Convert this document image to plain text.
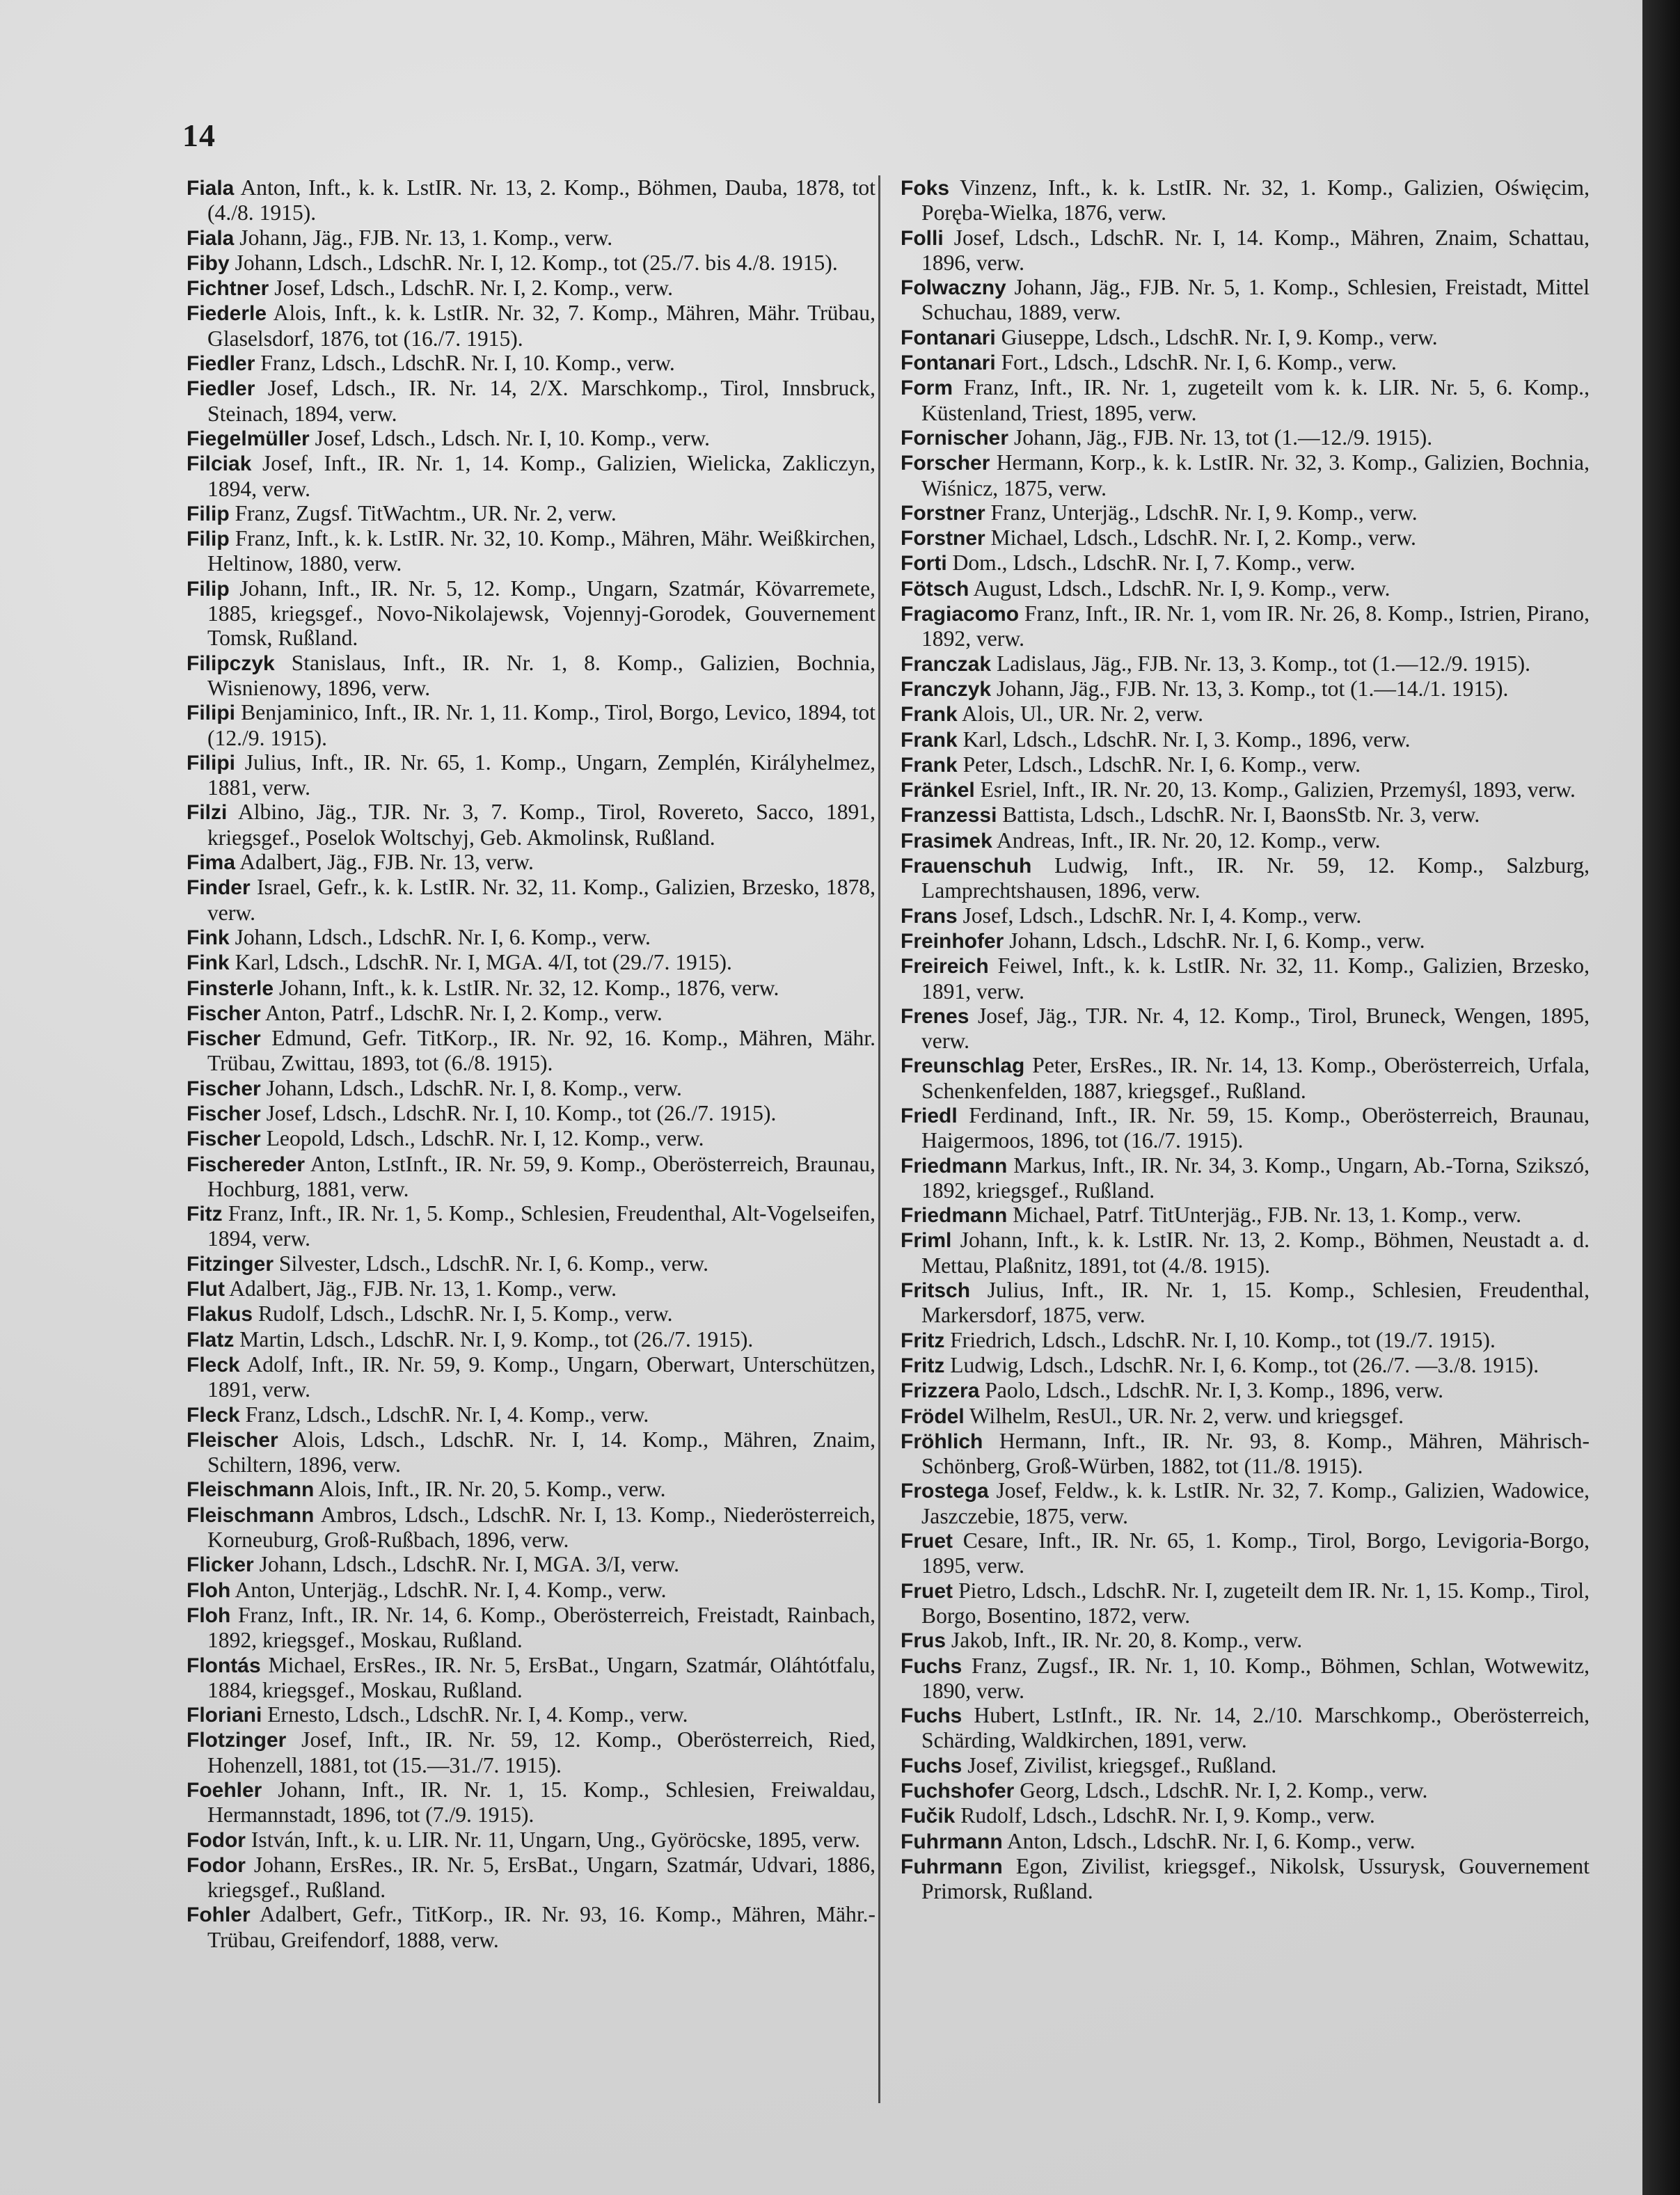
14

Fiala Anton, Inft., k. k. LstIR. Nr. 13, 2. Komp., Böhmen, Dauba, 1878, tot (4./8. 1915).

Fiala Johann, Jäg., FJB. Nr. 13, 1. Komp., verw.

Fiby Johann, Ldsch., LdschR. Nr. I, 12. Komp., tot (25./7. bis 4./8. 1915).

Fichtner Josef, Ldsch., LdschR. Nr. I, 2. Komp., verw.

Fiederle Alois, Inft., k. k. LstIR. Nr. 32, 7. Komp., Mähren, Mähr. Trübau, Glaselsdorf, 1876, tot (16./7. 1915).

Fiedler Franz, Ldsch., LdschR. Nr. I, 10. Komp., verw.

Fiedler Josef, Ldsch., IR. Nr. 14, 2/X. Marschkomp., Tirol, Innsbruck, Steinach, 1894, verw.

Fiegelmüller Josef, Ldsch., Ldsch. Nr. I, 10. Komp., verw.

Filciak Josef, Inft., IR. Nr. 1, 14. Komp., Galizien, Wielicka, Zakliczyn, 1894, verw.

Filip Franz, Zugsf. TitWachtm., UR. Nr. 2, verw.

Filip Franz, Inft., k. k. LstIR. Nr. 32, 10. Komp., Mähren, Mähr. Weißkirchen, Heltinow, 1880, verw.

Filip Johann, Inft., IR. Nr. 5, 12. Komp., Ungarn, Szatmár, Kövarremete, 1885, kriegsgef., Novo-Nikolajewsk, Vojennyj-Gorodek, Gouvernement Tomsk, Rußland.

Filipczyk Stanislaus, Inft., IR. Nr. 1, 8. Komp., Galizien, Bochnia, Wisnienowy, 1896, verw.

Filipi Benjaminico, Inft., IR. Nr. 1, 11. Komp., Tirol, Borgo, Levico, 1894, tot (12./9. 1915).

Filipi Julius, Inft., IR. Nr. 65, 1. Komp., Ungarn, Zemplén, Királyhelmez, 1881, verw.

Filzi Albino, Jäg., TJR. Nr. 3, 7. Komp., Tirol, Rovereto, Sacco, 1891, kriegsgef., Poselok Woltschyj, Geb. Akmolinsk, Rußland.

Fima Adalbert, Jäg., FJB. Nr. 13, verw.

Finder Israel, Gefr., k. k. LstIR. Nr. 32, 11. Komp., Galizien, Brzesko, 1878, verw.

Fink Johann, Ldsch., LdschR. Nr. I, 6. Komp., verw.

Fink Karl, Ldsch., LdschR. Nr. I, MGA. 4/I, tot (29./7. 1915).

Finsterle Johann, Inft., k. k. LstIR. Nr. 32, 12. Komp., 1876, verw.

Fischer Anton, Patrf., LdschR. Nr. I, 2. Komp., verw.

Fischer Edmund, Gefr. TitKorp., IR. Nr. 92, 16. Komp., Mähren, Mähr. Trübau, Zwittau, 1893, tot (6./8. 1915).

Fischer Johann, Ldsch., LdschR. Nr. I, 8. Komp., verw.

Fischer Josef, Ldsch., LdschR. Nr. I, 10. Komp., tot (26./7. 1915).

Fischer Leopold, Ldsch., LdschR. Nr. I, 12. Komp., verw.

Fischereder Anton, LstInft., IR. Nr. 59, 9. Komp., Oberösterreich, Braunau, Hochburg, 1881, verw.

Fitz Franz, Inft., IR. Nr. 1, 5. Komp., Schlesien, Freudenthal, Alt-Vogelseifen, 1894, verw.

Fitzinger Silvester, Ldsch., LdschR. Nr. I, 6. Komp., verw.

Flut Adalbert, Jäg., FJB. Nr. 13, 1. Komp., verw.

Flakus Rudolf, Ldsch., LdschR. Nr. I, 5. Komp., verw.

Flatz Martin, Ldsch., LdschR. Nr. I, 9. Komp., tot (26./7. 1915).

Fleck Adolf, Inft., IR. Nr. 59, 9. Komp., Ungarn, Oberwart, Unterschützen, 1891, verw.

Fleck Franz, Ldsch., LdschR. Nr. I, 4. Komp., verw.

Fleischer Alois, Ldsch., LdschR. Nr. I, 14. Komp., Mähren, Znaim, Schiltern, 1896, verw.

Fleischmann Alois, Inft., IR. Nr. 20, 5. Komp., verw.

Fleischmann Ambros, Ldsch., LdschR. Nr. I, 13. Komp., Niederösterreich, Korneuburg, Groß-Rußbach, 1896, verw.

Flicker Johann, Ldsch., LdschR. Nr. I, MGA. 3/I, verw.

Floh Anton, Unterjäg., LdschR. Nr. I, 4. Komp., verw.

Floh Franz, Inft., IR. Nr. 14, 6. Komp., Oberösterreich, Freistadt, Rainbach, 1892, kriegsgef., Moskau, Rußland.

Flontás Michael, ErsRes., IR. Nr. 5, ErsBat., Ungarn, Szatmár, Oláhtótfalu, 1884, kriegsgef., Moskau, Rußland.

Floriani Ernesto, Ldsch., LdschR. Nr. I, 4. Komp., verw.

Flotzinger Josef, Inft., IR. Nr. 59, 12. Komp., Oberösterreich, Ried, Hohenzell, 1881, tot (15.—31./7. 1915).

Foehler Johann, Inft., IR. Nr. 1, 15. Komp., Schlesien, Freiwaldau, Hermannstadt, 1896, tot (7./9. 1915).

Fodor István, Inft., k. u. LIR. Nr. 11, Ungarn, Ung., Györöcske, 1895, verw.

Fodor Johann, ErsRes., IR. Nr. 5, ErsBat., Ungarn, Szatmár, Udvari, 1886, kriegsgef., Rußland.

Fohler Adalbert, Gefr., TitKorp., IR. Nr. 93, 16. Komp., Mähren, Mähr.-Trübau, Greifendorf, 1888, verw.

Foks Vinzenz, Inft., k. k. LstIR. Nr. 32, 1. Komp., Galizien, Oświęcim, Poręba-Wielka, 1876, verw.

Folli Josef, Ldsch., LdschR. Nr. I, 14. Komp., Mähren, Znaim, Schattau, 1896, verw.

Folwaczny Johann, Jäg., FJB. Nr. 5, 1. Komp., Schlesien, Freistadt, Mittel Schuchau, 1889, verw.

Fontanari Giuseppe, Ldsch., LdschR. Nr. I, 9. Komp., verw.

Fontanari Fort., Ldsch., LdschR. Nr. I, 6. Komp., verw.

Form Franz, Inft., IR. Nr. 1, zugeteilt vom k. k. LIR. Nr. 5, 6. Komp., Küstenland, Triest, 1895, verw.

Fornischer Johann, Jäg., FJB. Nr. 13, tot (1.—12./9. 1915).

Forscher Hermann, Korp., k. k. LstIR. Nr. 32, 3. Komp., Galizien, Bochnia, Wiśnicz, 1875, verw.

Forstner Franz, Unterjäg., LdschR. Nr. I, 9. Komp., verw.

Forstner Michael, Ldsch., LdschR. Nr. I, 2. Komp., verw.

Forti Dom., Ldsch., LdschR. Nr. I, 7. Komp., verw.

Fötsch August, Ldsch., LdschR. Nr. I, 9. Komp., verw.

Fragiacomo Franz, Inft., IR. Nr. 1, vom IR. Nr. 26, 8. Komp., Istrien, Pirano, 1892, verw.

Franczak Ladislaus, Jäg., FJB. Nr. 13, 3. Komp., tot (1.—12./9. 1915).

Franczyk Johann, Jäg., FJB. Nr. 13, 3. Komp., tot (1.—14./1. 1915).

Frank Alois, Ul., UR. Nr. 2, verw.

Frank Karl, Ldsch., LdschR. Nr. I, 3. Komp., 1896, verw.

Frank Peter, Ldsch., LdschR. Nr. I, 6. Komp., verw.

Fränkel Esriel, Inft., IR. Nr. 20, 13. Komp., Galizien, Przemyśl, 1893, verw.

Franzessi Battista, Ldsch., LdschR. Nr. I, BaonsStb. Nr. 3, verw.

Frasimek Andreas, Inft., IR. Nr. 20, 12. Komp., verw.

Frauenschuh Ludwig, Inft., IR. Nr. 59, 12. Komp., Salzburg, Lamprechtshausen, 1896, verw.

Frans Josef, Ldsch., LdschR. Nr. I, 4. Komp., verw.

Freinhofer Johann, Ldsch., LdschR. Nr. I, 6. Komp., verw.

Freireich Feiwel, Inft., k. k. LstIR. Nr. 32, 11. Komp., Galizien, Brzesko, 1891, verw.

Frenes Josef, Jäg., TJR. Nr. 4, 12. Komp., Tirol, Bruneck, Wengen, 1895, verw.

Freunschlag Peter, ErsRes., IR. Nr. 14, 13. Komp., Oberösterreich, Urfala, Schenkenfelden, 1887, kriegsgef., Rußland.

Friedl Ferdinand, Inft., IR. Nr. 59, 15. Komp., Oberösterreich, Braunau, Haigermoos, 1896, tot (16./7. 1915).

Friedmann Markus, Inft., IR. Nr. 34, 3. Komp., Ungarn, Ab.-Torna, Szikszó, 1892, kriegsgef., Rußland.

Friedmann Michael, Patrf. TitUnterjäg., FJB. Nr. 13, 1. Komp., verw.

Friml Johann, Inft., k. k. LstIR. Nr. 13, 2. Komp., Böhmen, Neustadt a. d. Mettau, Plaßnitz, 1891, tot (4./8. 1915).

Fritsch Julius, Inft., IR. Nr. 1, 15. Komp., Schlesien, Freudenthal, Markersdorf, 1875, verw.

Fritz Friedrich, Ldsch., LdschR. Nr. I, 10. Komp., tot (19./7. 1915).

Fritz Ludwig, Ldsch., LdschR. Nr. I, 6. Komp., tot (26./7. —3./8. 1915).

Frizzera Paolo, Ldsch., LdschR. Nr. I, 3. Komp., 1896, verw.

Frödel Wilhelm, ResUl., UR. Nr. 2, verw. und kriegsgef.

Fröhlich Hermann, Inft., IR. Nr. 93, 8. Komp., Mähren, Mährisch-Schönberg, Groß-Würben, 1882, tot (11./8. 1915).

Frostega Josef, Feldw., k. k. LstIR. Nr. 32, 7. Komp., Galizien, Wadowice, Jaszczebie, 1875, verw.

Fruet Cesare, Inft., IR. Nr. 65, 1. Komp., Tirol, Borgo, Levigoria-Borgo, 1895, verw.

Fruet Pietro, Ldsch., LdschR. Nr. I, zugeteilt dem IR. Nr. 1, 15. Komp., Tirol, Borgo, Bosentino, 1872, verw.

Frus Jakob, Inft., IR. Nr. 20, 8. Komp., verw.

Fuchs Franz, Zugsf., IR. Nr. 1, 10. Komp., Böhmen, Schlan, Wotwewitz, 1890, verw.

Fuchs Hubert, LstInft., IR. Nr. 14, 2./10. Marschkomp., Oberösterreich, Schärding, Waldkirchen, 1891, verw.

Fuchs Josef, Zivilist, kriegsgef., Rußland.

Fuchshofer Georg, Ldsch., LdschR. Nr. I, 2. Komp., verw.

Fučik Rudolf, Ldsch., LdschR. Nr. I, 9. Komp., verw.

Fuhrmann Anton, Ldsch., LdschR. Nr. I, 6. Komp., verw.

Fuhrmann Egon, Zivilist, kriegsgef., Nikolsk, Ussurysk, Gouvernement Primorsk, Rußland.
